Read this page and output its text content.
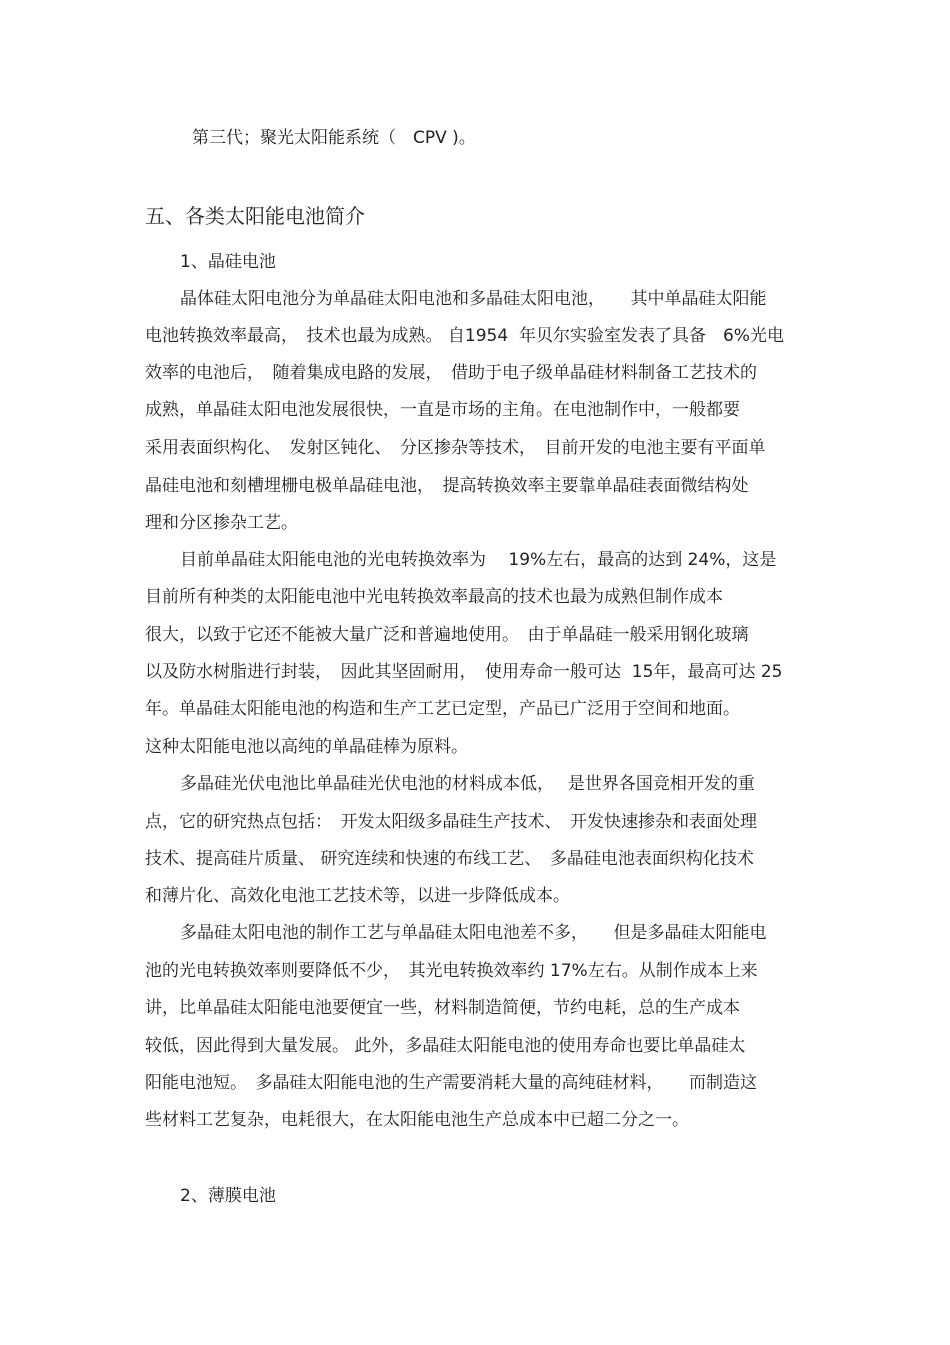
第三代；聚光太阳能系统（　CPV )。
五、各类太阳能电池简介
1、晶硅电池
晶体硅太阳电池分为单晶硅太阳电池和多晶硅太阳电池，　　其中单晶硅太阳能
电池转换效率最高，　技术也最为成熟。 自1954  年贝尔实验室发表了具备　6%光电
效率的电池后，　随着集成电路的发展，　借助于电子级单晶硅材料制备工艺技术的
成熟，单晶硅太阳电池发展很快，一直是市场的主角。在电池制作中，一般都要
采用表面织构化、　发射区钝化、　分区掺杂等技术，　目前开发的电池主要有平面单
晶硅电池和刻槽埋栅电极单晶硅电池，　提高转换效率主要靠单晶硅表面微结构处
理和分区掺杂工艺。
目前单晶硅太阳能电池的光电转换效率为　 19%左右，最高的达到 24%，这是
目前所有种类的太阳能电池中光电转换效率最高的技术也最为成熟但制作成本
很大，以致于它还不能被大量广泛和普遍地使用。　由于单晶硅一般采用钢化玻璃
以及防水树脂进行封装，　因此其坚固耐用，　使用寿命一般可达  15年，最高可达 25
年。单晶硅太阳能电池的构造和生产工艺已定型，产品已广泛用于空间和地面。
这种太阳能电池以高纯的单晶硅棒为原料。
多晶硅光伏电池比单晶硅光伏电池的材料成本低，　 是世界各国竞相开发的重
点，它的研究热点包括：　开发太阳级多晶硅生产技术、　开发快速掺杂和表面处理
技术、提高硅片质量、 研究连续和快速的布线工艺、　多晶硅电池表面织构化技术
和薄片化、高效化电池工艺技术等，以进一步降低成本。
多晶硅太阳电池的制作工艺与单晶硅太阳电池差不多，　　但是多晶硅太阳能电
池的光电转换效率则要降低不少，　其光电转换效率约 17%左右。从制作成本上来
讲，比单晶硅太阳能电池要便宜一些，材料制造简便，节约电耗，总的生产成本
较低，因此得到大量发展。 此外，多晶硅太阳能电池的使用寿命也要比单晶硅太
阳能电池短。　多晶硅太阳能电池的生产需要消耗大量的高纯硅材料，　　而制造这
些材料工艺复杂，电耗很大，在太阳能电池生产总成本中已超二分之一。
2、薄膜电池
